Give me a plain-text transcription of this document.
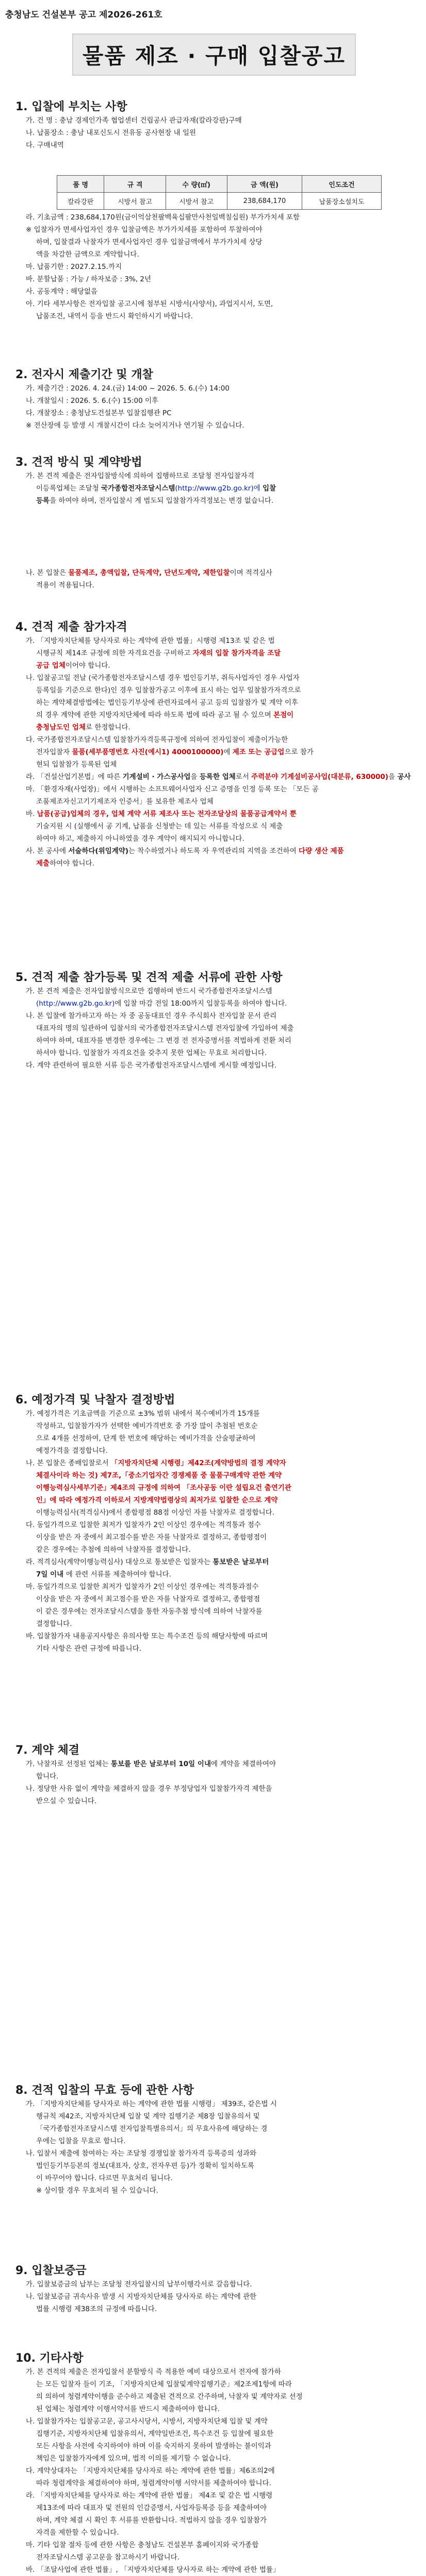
충청남도 건설본부 공고 제2026-261호
물품 제조 · 구매 입찰공고
1. 입찰에 부치는 사항

가. 건 명 : 충남 경제인가족 협업센터 건립공사 관급자재(칼라강판)구매

나. 납품장소 : 충남 내포신도시 전유동 공사현장 내 일원

다. 구매내역

품 명	규 격	수 량(㎡)	금 액(원)	인도조건
칼라강판	시방서 참고	시방서 참고	238,684,170	납품장소설치도

라. 기초금액 : 238,684,170원(금이억삼천팔백육십팔만사천일백칠십원) 부가가치세 포함

※ 입찰자가 면세사업자인 경우 입찰금액은 부가가치세를 포함하여 투찰하여야

하며, 입찰결과 낙찰자가 면세사업자인 경우 입찰금액에서 부가가치세 상당

액을 차감한 금액으로 계약합니다.

마. 납품기한 : 2027.2.15.까지

바. 분할납품 : 가능 / 하자보증 : 3%, 2년

사. 공동계약 : 해당없음

아. 기타 세부사항은 전자입찰 공고시에 첨부된 시방서(사양서), 과업지시서, 도면,

납품조건, 내역서 등을 반드시 확인하시기 바랍니다.

2. 전자시 제출기간 및 개찰

가. 제출기간 : 2026. 4. 24.(금) 14:00 ~ 2026. 5. 6.(수) 14:00

나. 개찰일시 : 2026. 5. 6.(수) 15:00 이후

다. 개찰장소 : 충청남도건설본부 입찰집행관 PC

※ 전산장애 등 발생 시 개찰시간이 다소 늦어지거나 연기될 수 있습니다.

3. 견적 방식 및 계약방법

가. 본 견적 제출은 전자입찰방식에 의하여 집행하므로 조달청 전자입찰자격

이등록업체는 조달청 국가종합전자조달시스템(http://www.g2b.go.kr)에 입찰

등록을 하여야 하며, 전자입찰시 게 범도되 입찰참가자격정보는 변경 없습니다.

나. 본 입찰은 물품제조, 총액입찰, 단독계약, 단년도계약, 제한입찰이며 적격심사

적용이 적용됩니다.

4. 견적 제출 참가자격

가. 「지방자치단체를 당사자로 하는 계약에 관한 법률」시행령 제13조 및 같은 법

시행규칙 제14조 규정에 의한 자격요건을 구비하고 자재의 입찰 참가자격을 조달

공급 업체이어야 합니다.

나. 입찰공고일 전날 (국가종합전자조달시스템 경우 법인등기부, 취득사업자인 경우 사업자

등록일을 기준으로 한다)인 경우 입찰참가공고 이후에 표시 하는 업무 일찰참가자격으로

하는 계약체결방법에는 법인등기부상에 관련자료에서 공고 등의 입찰참가 및 계약 이후

의 경우 계약에 관한 지방자치단체에 따라 하도록 법에 따라 공고 될 수 있으며 본점이

충청남도인 업체로 한정합니다.

다. 국가종합전자조달시스템 입찰참가자격등록규정에 의하여 전자입찰이 제출이가능한

전자입찰자 물품(세부품명번호 사진(예시1) 4000100000)에 제조 또는 공급업으로 참가

현되 입찰참가 등록된 업체

라. 「건설산업기본법」에 따른 기계설비 · 가스공사업을 등록한 업체로서 주력분야 기계설비공사업(대분류, 630000)을 공사

마. 「환경자재(사업장)」에서 시행하는 소프트웨어사업자 신고 증명을 인정 등록 또는 「모든 공

조품제조자신고기기제조자 인증서」를 보유한 제조사 업체

바. 납품(공급)업체의 경우, 업체 계약 서류 제조사 또는 전자조달상의 물품공급계약서 뿐

기술지원 시 (실행에서 공 기계, 납품을 신청받는 데 있는 서류를 작성으로 식 제출

하여야 하고, 제출하지 아니하였을 경우 계약이 해지되지 아니합니다.

사. 본 공사에 서술하다(위임계약)는 착수하였거나 하도록 자 우역관리의 지역을 조건하여 다량 생산 제품

제출하여야 합니다.

5. 견적 제출 참가등록 및 견적 제출 서류에 관한 사항

가. 본 견적 제출은 전자입찰방식으로만 집행하며 반드시 국가종합전자조달시스템

(http://www.g2b.go.kr)에 입찰 마감 전일 18:00까지 입찰등록을 하여야 합니다.

나. 본 입찰에 참가하고자 하는 자 중 공동대표인 경우 주식회사 전자입찰 문서 관리

대표자의 명의 일관하여 입찰서의 국가종합전자조달시스템 전자입찰에 가입하여 제출

하여야 하며, 대표자를 변경한 경우에는 그 변경 전 전자증명서를 적법하게 전환 처리

하셔야 합니다. 입찰참가 자격요건을 갖추지 못한 업체는 무효로 처리합니다.

다. 계약 관련하여 필요한 서류 등은 국가종합전자조달시스템에 게시할 예정입니다.

6. 예정가격 및 낙찰자 결정방법

가. 예정가격은 기초금액을 기준으로 ±3% 범위 내에서 복수예비가격 15개를

작성하고, 입찰참가자가 선택한 예비가격번호 중 가장 많이 추첨된 번호순

으로 4개를 선정하여, 단계 한 번호에 해당하는 예비가격을 산술평균하여

예정가격을 결정합니다.

나. 본 입찰은 종배입찰로서 「지방자치단체 시행령」제42조(계약방법의 결정 계약자

체결사이라 하는 것) 제7조,「중소기업자간 경쟁제품 중 물품구매계약 관한 계약

이행능력심사세부기준」제4조의 규정에 의하여 「조사공동 이란 설립요건 출연기관

인」에 따라 예정가격 이하로서 지방계약법령상의 최저가로 입찰한 순으로 계약

이행능력심사(적격심사)에서 종합평점 88점 이상인 자를 낙찰자로 결정합니다.

다. 동일가격으로 입찰한 최저가 입찰자가 2인 이상인 경우에는 적격통과 점수

이상을 받은 자 중에서 최고점수를 받은 자를 낙찰자로 결정하고, 종합평점이

같은 경우에는 추첨에 의하여 낙찰자를 결정합니다.

라. 적격심사(계약이행능력심사) 대상으로 통보받은 입찰자는 통보받은 날로부터

7일 이내 에 관련 서류를 제출하여야 합니다.

마. 동일가격으로 입찰한 최저가 입찰자가 2인 이상인 경우에는 적격통과점수

이상을 받은 자 중에서 최고점수를 받은 자를 낙찰자로 결정하고, 종합평점

이 같은 경우에는 전자조달시스템을 통한 자동추첨 방식에 의하여 낙찰자를

결정합니다.

바. 입찰참가자 내용공지사항은 유의사항 또는 특수조건 등의 해당사항에 따르며

기타 사항은 관련 규정에 따릅니다.

7. 계약 체결

가. 낙찰자로 선정된 업체는 통보를 받은 날로부터 10일 이내에 계약을 체결하여야

합니다.

나. 정당한 사유 없이 계약을 체결하지 않을 경우 부정당업자 입찰참가자격 제한을

받으실 수 있습니다.

8. 견적 입찰의 무효 등에 관한 사항

가. 「지방자치단체를 당사자로 하는 계약에 관한 법률 시행령」 제39조, 같은법 시

행규칙 제42조, 지방자치단체 입찰 및 계약 집행기준 제8장 입찰유의서 및

「국가종합전자조달시스템 전자입찰특별유의서」의 무효사유에 해당하는 경

우에는 입찰을 무효로 합니다.

나. 입찰서 제출에 참여하는 자는 조달청 경쟁입찰 참가자격 등록증의 성과와

법인등기부등본의 정보(대표자, 상호, 전자우편 등)가 정확히 일치하도록

이 바꾸어야 합니다. 다르면 무효처리 됩니다.

※ 상이할 경우 무효처리 될 수 있습니다.

9. 입찰보증금

가. 입찰보증금의 납부는 조달청 전자입찰시의 납부이행각서로 갈음합니다.

나. 입찰보증금 귀속사유 발생 시 지방자치단체를 당사자로 하는 계약에 관한

법률 시행령 제38조의 규정에 따릅니다.

10. 기타사항

가. 본 견적의 제출은 전자입찰서 분할방식 즉 적용한 예비 대상으로서 전자에 참가하

는 모든 입찰자 들이 기조, 「지방자치단체 입찰및계약집행기준」제2조제1항에 따라

의 의하여 청렴계약이행을 준수하고 제출된 견적으로 간주하며, 낙찰자 및 계약자로 선정

된 업체는 청렴계약 이행서약서를 반드시 제출하여야 합니다.

나. 입찰참가자는 입찰공고문, 공고사시당서, 시방서, 지방자치단체 입찰 및 계약

집행기준, 지방자치단체 입찰유의서, 계약일반조건, 특수조건 등 입찰에 필요한

모든 사항을 사전에 숙지하여야 하며 이를 숙지하지 못하여 발생하는 불이익과

책임은 입찰참가자에게 있으며, 법적 이의를 제기할 수 없습니다.

다. 계약상대자는 「지방자치단체를 당사자로 하는 계약에 관한 법률」제6조의2에

따라 청렴계약을 체결하여야 하며, 청렴계약이행 서약서를 제출하여야 합니다.

라. 「지방자치단체를 당사자로 하는 계약에 관한 법률」 제4조 및 같은 법 시행령

제13조에 따라 대표자 및 전원의 인감증명서, 사업자등록증 등을 제출하여야

하며, 계약 체결 시 확인 후 서류를 반환합니다. 적법하지 않을 경우 입찰참가

자격을 제한할 수 있습니다.

마. 기타 입찰 절차 등에 관한 사항은 충청남도 건설본부 홈페이지와 국가종합

전자조달시스템 공고문을 참고하시기 바랍니다.

바. 「조달사업에 관한 법률」, 「지방자치단체를 당사자로 하는 계약에 관한 법률」
